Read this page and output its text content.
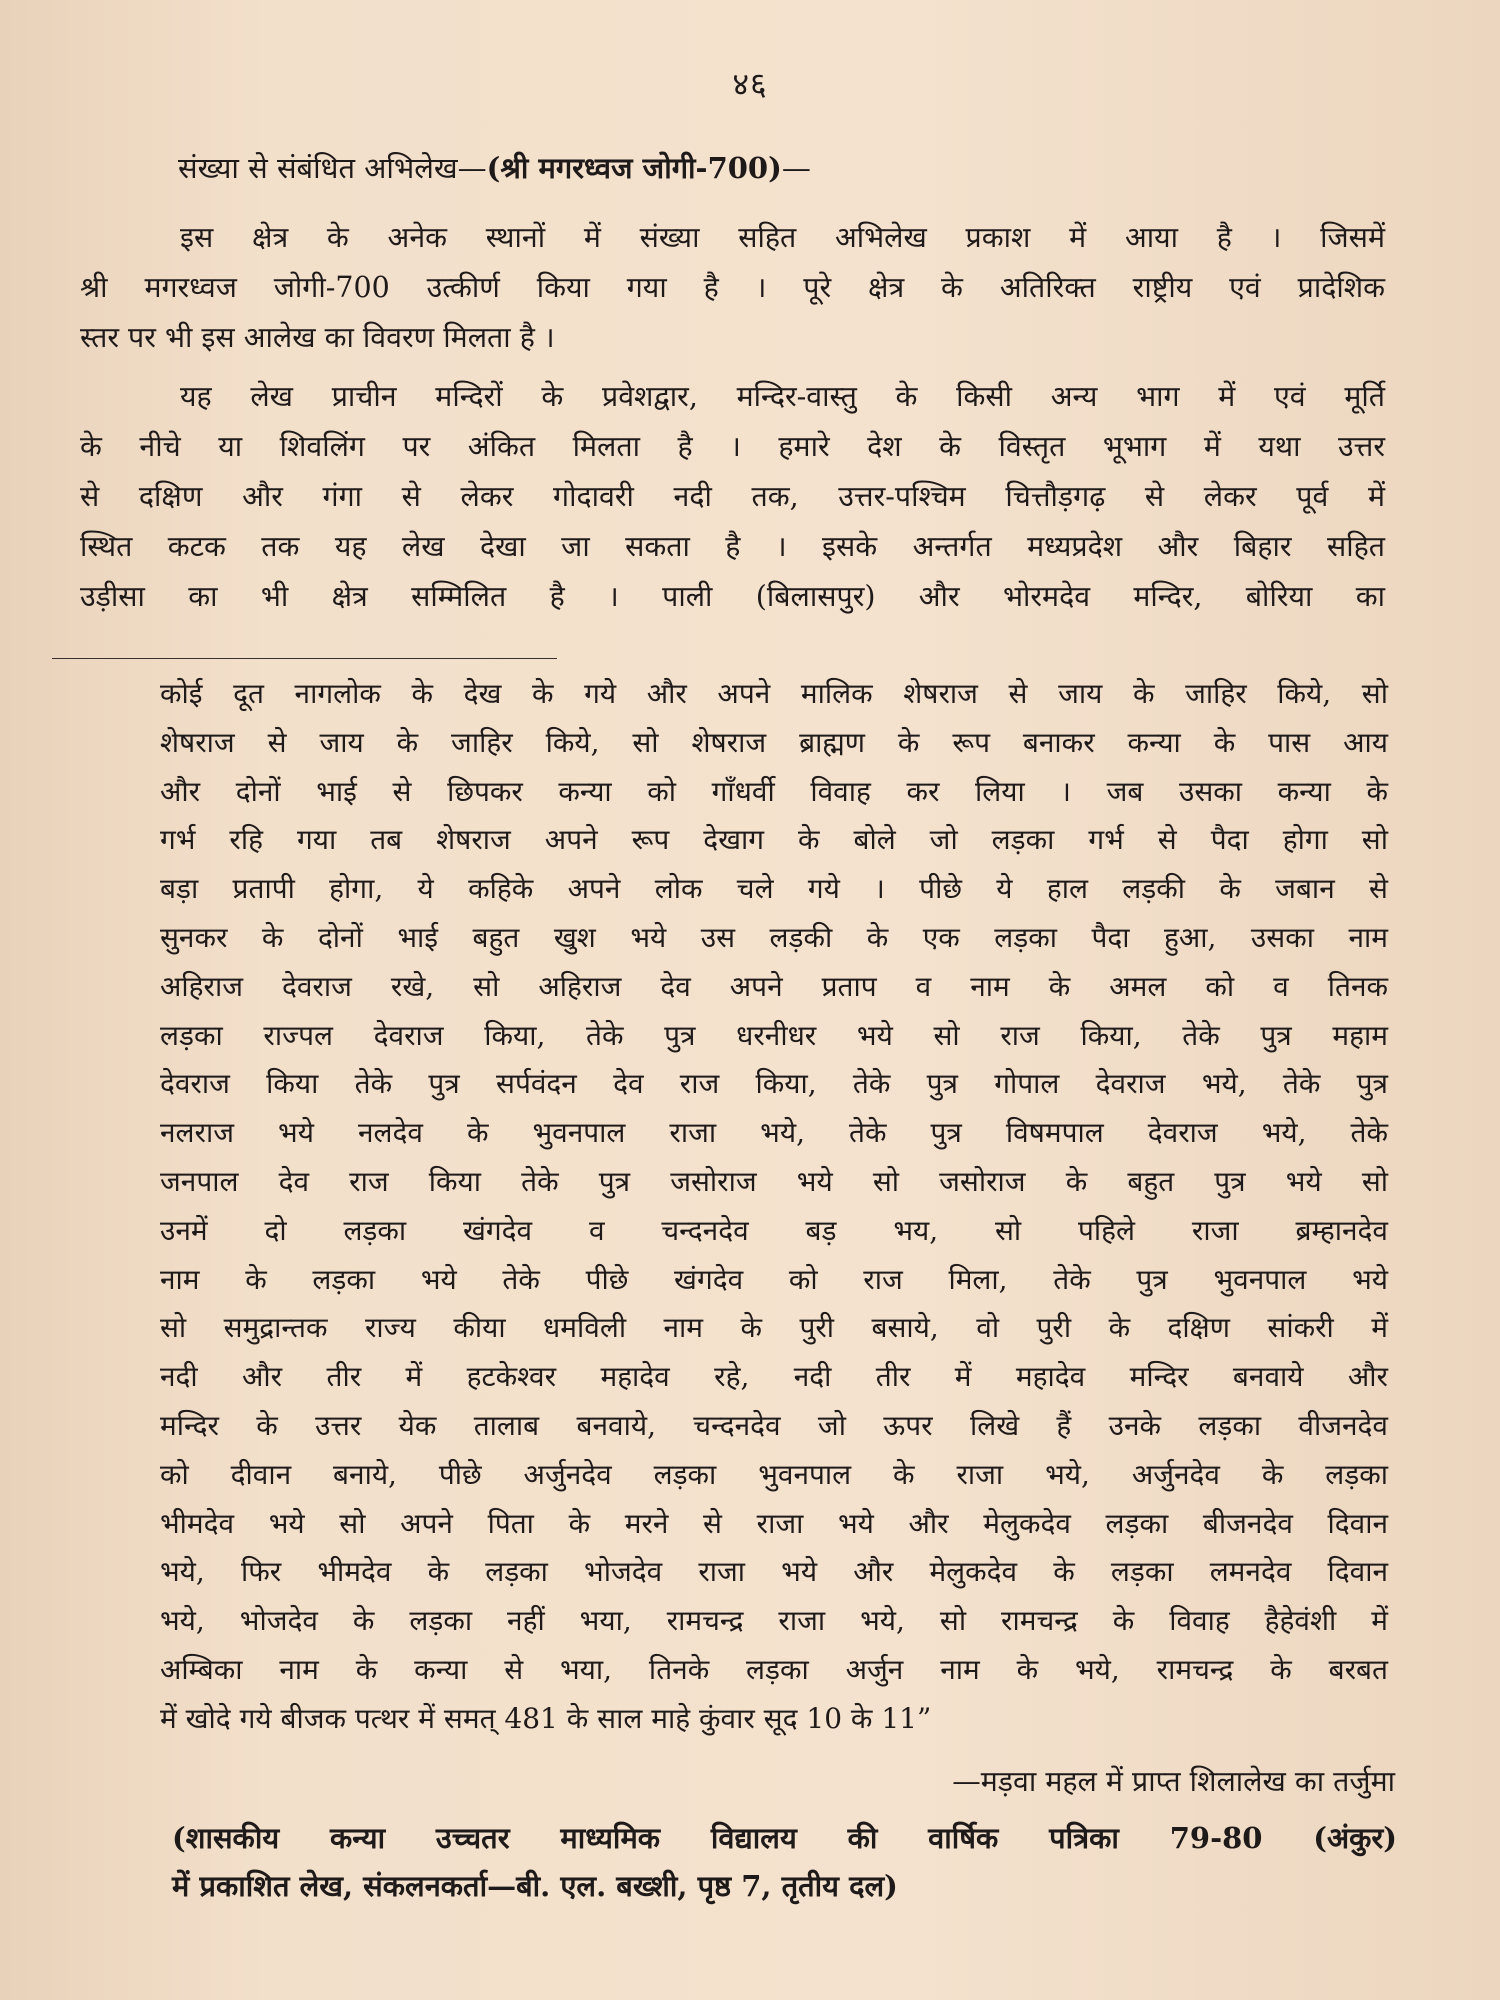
४६
संख्या से संबंधित अभिलेख—(श्री मगरध्वज जोगी-700)—
इस क्षेत्र के अनेक स्थानों में संख्या सहित अभिलेख प्रकाश में आया है । जिसमें
श्री मगरध्वज जोगी-700 उत्कीर्ण किया गया है । पूरे क्षेत्र के अतिरिक्त राष्ट्रीय एवं प्रादेशिक
स्तर पर भी इस आलेख का विवरण मिलता है ।
यह लेख प्राचीन मन्दिरों के प्रवेशद्वार, मन्दिर-वास्तु के किसी अन्य भाग में एवं मूर्ति
के नीचे या शिवलिंग पर अंकित मिलता है । हमारे देश के विस्तृत भूभाग में यथा उत्तर
से दक्षिण और गंगा से लेकर गोदावरी नदी तक, उत्तर-पश्चिम चित्तौड़गढ़ से लेकर पूर्व में
स्थित कटक तक यह लेख देखा जा सकता है । इसके अन्तर्गत मध्यप्रदेश और बिहार सहित
उड़ीसा का भी क्षेत्र सम्मिलित है । पाली (बिलासपुर) और भोरमदेव मन्दिर, बोरिया का
कोई दूत नागलोक के देख के गये और अपने मालिक शेषराज से जाय के जाहिर किये, सो
शेषराज से जाय के जाहिर किये, सो शेषराज ब्राह्मण के रूप बनाकर कन्या के पास आय
और दोनों भाई से छिपकर कन्या को गाँधर्वी विवाह कर लिया । जब उसका कन्या के
गर्भ रहि गया तब शेषराज अपने रूप देखाग के बोले जो लड़का गर्भ से पैदा होगा सो
बड़ा प्रतापी होगा, ये कहिके अपने लोक चले गये । पीछे ये हाल लड़की के जबान से
सुनकर के दोनों भाई बहुत खुश भये उस लड़की के एक लड़का पैदा हुआ, उसका नाम
अहिराज देवराज रखे, सो अहिराज देव अपने प्रताप व नाम के अमल को व तिनक
लड़का राज्पल देवराज किया, तेके पुत्र धरनीधर भये सो राज किया, तेके पुत्र महाम
देवराज किया तेके पुत्र सर्पवंदन देव राज किया, तेके पुत्र गोपाल देवराज भये, तेके पुत्र
नलराज भये नलदेव के भुवनपाल राजा भये, तेके पुत्र विषमपाल देवराज भये, तेके
जनपाल देव राज किया तेके पुत्र जसोराज भये सो जसोराज के बहुत पुत्र भये सो
उनमें दो लड़का खंगदेव व चन्दनदेव बड़ भय, सो पहिले राजा ब्रम्हानदेव
नाम के लड़का भये तेके पीछे खंगदेव को राज मिला, तेके पुत्र भुवनपाल भये
सो समुद्रान्तक राज्य कीया धमविली नाम के पुरी बसाये, वो पुरी के दक्षिण सांकरी में
नदी और तीर में हटकेश्वर महादेव रहे, नदी तीर में महादेव मन्दिर बनवाये और
मन्दिर के उत्तर येक तालाब बनवाये, चन्दनदेव जो ऊपर लिखे हैं उनके लड़का वीजनदेव
को दीवान बनाये, पीछे अर्जुनदेव लड़का भुवनपाल के राजा भये, अर्जुनदेव के लड़का
भीमदेव भये सो अपने पिता के मरने से राजा भये और मेलुकदेव लड़का बीजनदेव दिवान
भये, फिर भीमदेव के लड़का भोजदेव राजा भये और मेलुकदेव के लड़का लमनदेव दिवान
भये, भोजदेव के लड़का नहीं भया, रामचन्द्र राजा भये, सो रामचन्द्र के विवाह हैहेवंशी में
अम्बिका नाम के कन्या से भया, तिनके लड़का अर्जुन नाम के भये, रामचन्द्र के बरबत
में खोदे गये बीजक पत्थर में समत् 481 के साल माहे कुंवार सूद 10 के 11”
—मड़वा महल में प्राप्त शिलालेख का तर्जुमा
(शासकीय कन्या उच्चतर माध्यमिक विद्यालय की वार्षिक पत्रिका 79-80 (अंकुर)
में प्रकाशित लेख, संकलनकर्ता—बी. एल. बख्शी, पृष्ठ 7, तृतीय दल)
